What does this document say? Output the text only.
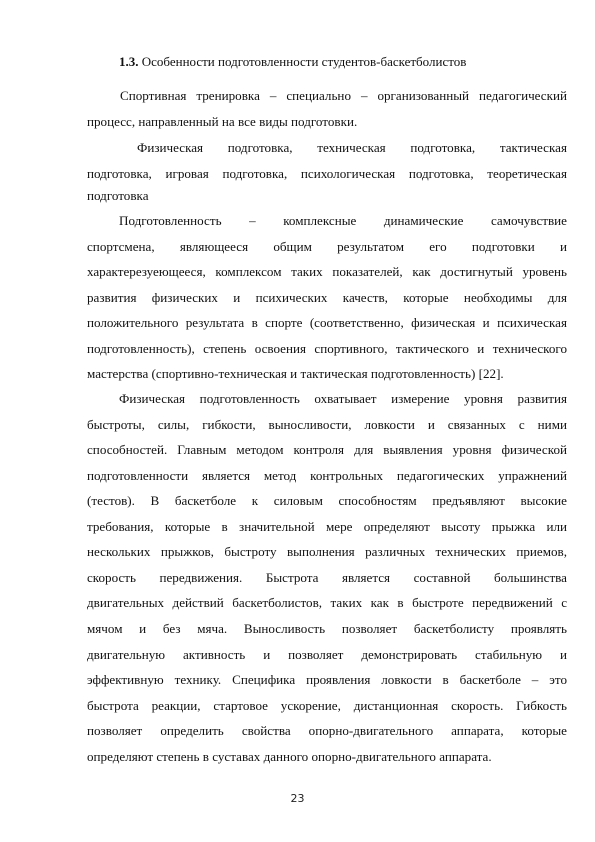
1.3. Особенности подготовленности студентов-баскетболистов
Спортивная тренировка – специально – организованный педагогический
процесс, направленный на все виды подготовки.
Физическая подготовка, техническая подготовка, тактическая
подготовка, игровая подготовка, психологическая подготовка, теоретическая
подготовка
Подготовленность – комплексные динамические самочувствие
спортсмена, являющееся общим результатом его подготовки и
характерезуеющееся, комплексом таких показателей, как достигнутый уровень
развития физических и психических качеств, которые необходимы для
положительного результата в спорте (соответственно, физическая и психическая
подготовленность), степень освоения спортивного, тактического и технического
мастерства (спортивно-техническая и тактическая подготовленность) [22].
Физическая подготовленность охватывает измерение уровня развития
быстроты, силы, гибкости, выносливости, ловкости и связанных с ними
способностей. Главным методом контроля для выявления уровня физической
подготовленности является метод контрольных педагогических упражнений
(тестов). В баскетболе к силовым способностям предъявляют высокие
требования, которые в значительной мере определяют высоту прыжка или
нескольких прыжков, быстроту выполнения различных технических приемов,
скорость передвижения. Быстрота является составной большинства
двигательных действий баскетболистов, таких как в быстроте передвижений с
мячом и без мяча. Выносливость позволяет баскетболисту проявлять
двигательную активность и позволяет демонстрировать стабильную и
эффективную технику. Специфика проявления ловкости в баскетболе – это
быстрота реакции, стартовое ускорение, дистанционная скорость. Гибкость
позволяет определить свойства опорно-двигательного аппарата, которые
определяют степень в суставах данного опорно-двигательного аппарата.
23
